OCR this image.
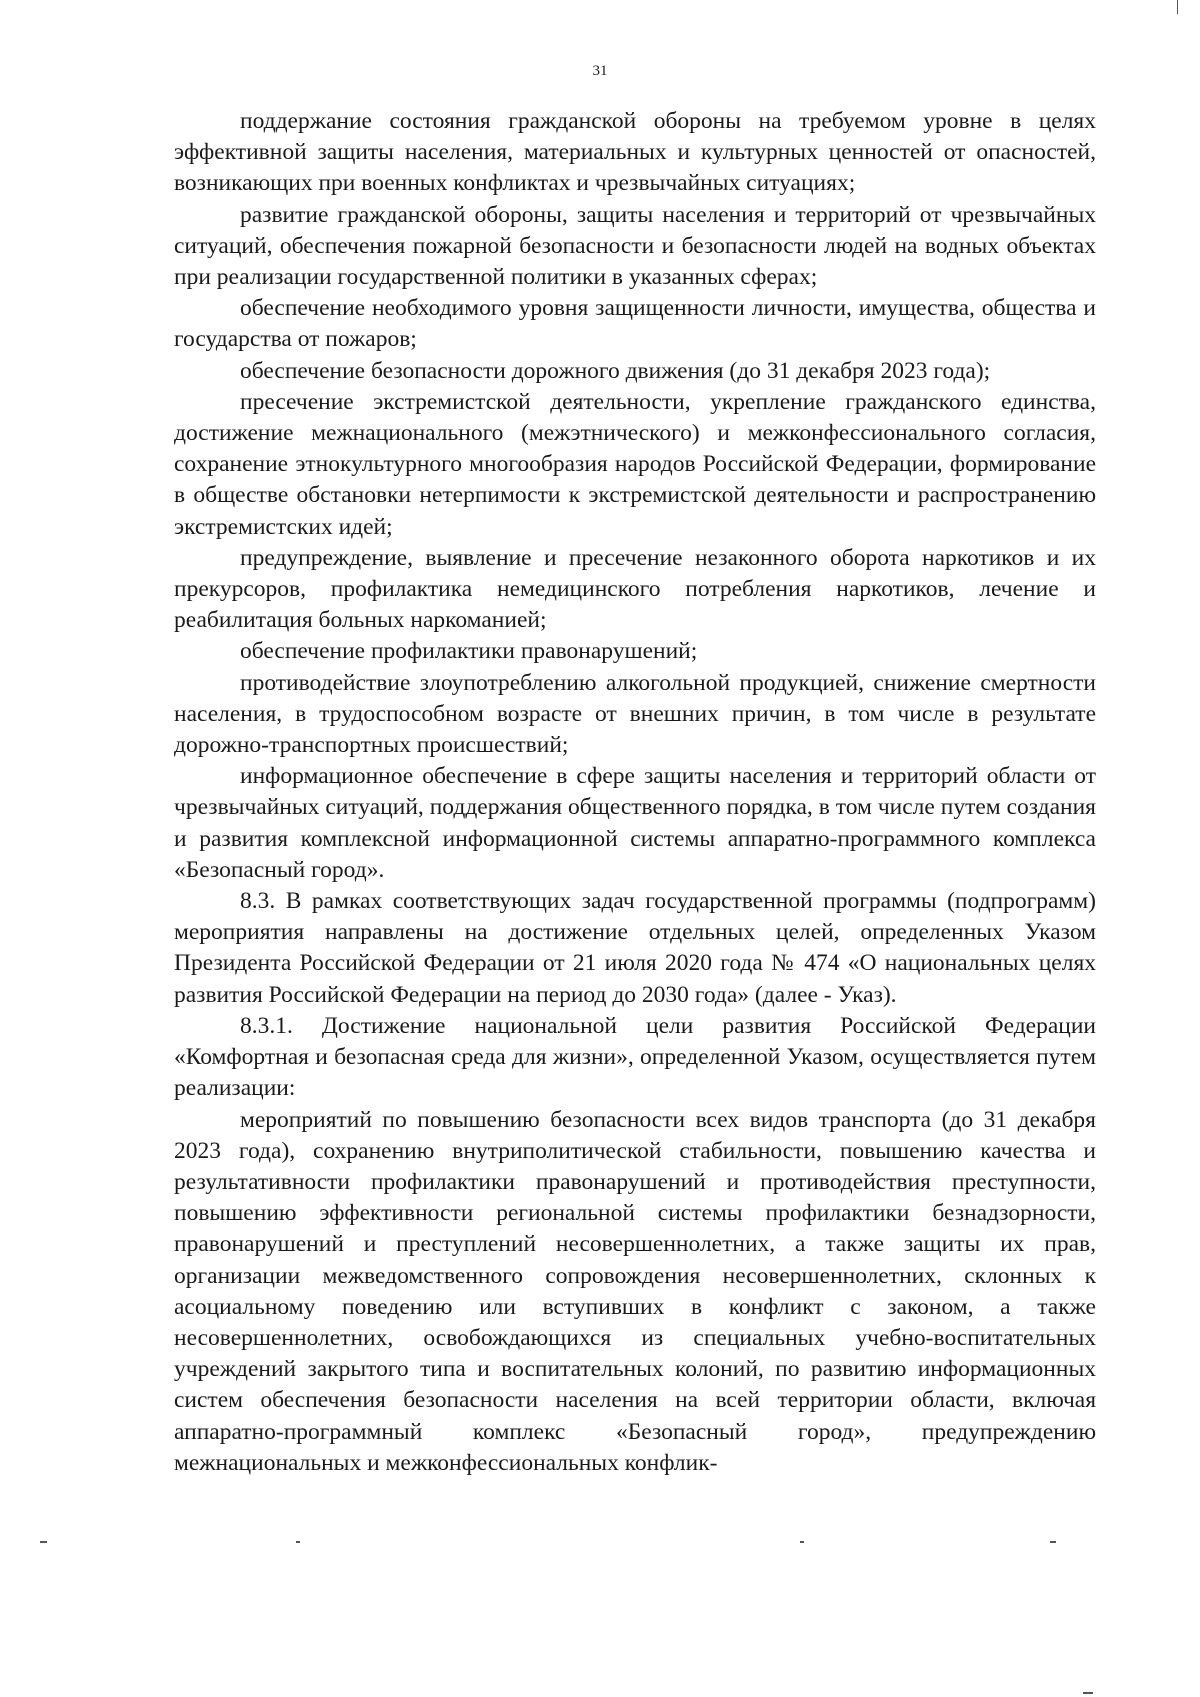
31

поддержание состояния гражданской обороны на требуемом уровне в целях эффективной защиты населения, материальных и культурных ценностей от опасностей, возникающих при военных конфликтах и чрезвычайных ситуациях;

развитие гражданской обороны, защиты населения и территорий от чрезвычайных ситуаций, обеспечения пожарной безопасности и безопасности людей на водных объектах при реализации государственной политики в указанных сферах;

обеспечение необходимого уровня защищенности личности, имущества, общества и государства от пожаров;

обеспечение безопасности дорожного движения (до 31 декабря 2023 года);

пресечение экстремистской деятельности, укрепление гражданского единства, достижение межнационального (межэтнического) и межконфессионального согласия, сохранение этнокультурного многообразия народов Российской Федерации, формирование в обществе обстановки нетерпимости к экстремистской деятельности и распространению экстремистских идей;

предупреждение, выявление и пресечение незаконного оборота наркотиков и их прекурсоров, профилактика немедицинского потребления наркотиков, лечение и реабилитация больных наркоманией;

обеспечение профилактики правонарушений;

противодействие злоупотреблению алкогольной продукцией, снижение смертности населения, в трудоспособном возрасте от внешних причин, в том числе в результате дорожно-транспортных происшествий;

информационное обеспечение в сфере защиты населения и территорий области от чрезвычайных ситуаций, поддержания общественного порядка, в том числе путем создания и развития комплексной информационной системы аппаратно-программного комплекса «Безопасный город».

8.3. В рамках соответствующих задач государственной программы (подпрограмм) мероприятия направлены на достижение отдельных целей, определенных Указом Президента Российской Федерации от 21 июля 2020 года № 474 «О национальных целях развития Российской Федерации на период до 2030 года» (далее - Указ).

8.3.1. Достижение национальной цели развития Российской Федерации «Комфортная и безопасная среда для жизни», определенной Указом, осуществляется путем реализации:

мероприятий по повышению безопасности всех видов транспорта (до 31 декабря 2023 года), сохранению внутриполитической стабильности, повышению качества и результативности профилактики правонарушений и противодействия преступности, повышению эффективности региональной системы профилактики безнадзорности, правонарушений и преступлений несовершеннолетних, а также защиты их прав, организации межведомственного сопровождения несовершеннолетних, склонных к асоциальному поведению или вступивших в конфликт с законом, а также несовершеннолетних, освобождающихся из специальных учебно-воспитательных учреждений закрытого типа и воспитательных колоний, по развитию информационных систем обеспечения безопасности населения на всей территории области, включая аппаратно-программный комплекс «Безопасный город», предупреждению межнациональных и межконфессиональных конфлик-
